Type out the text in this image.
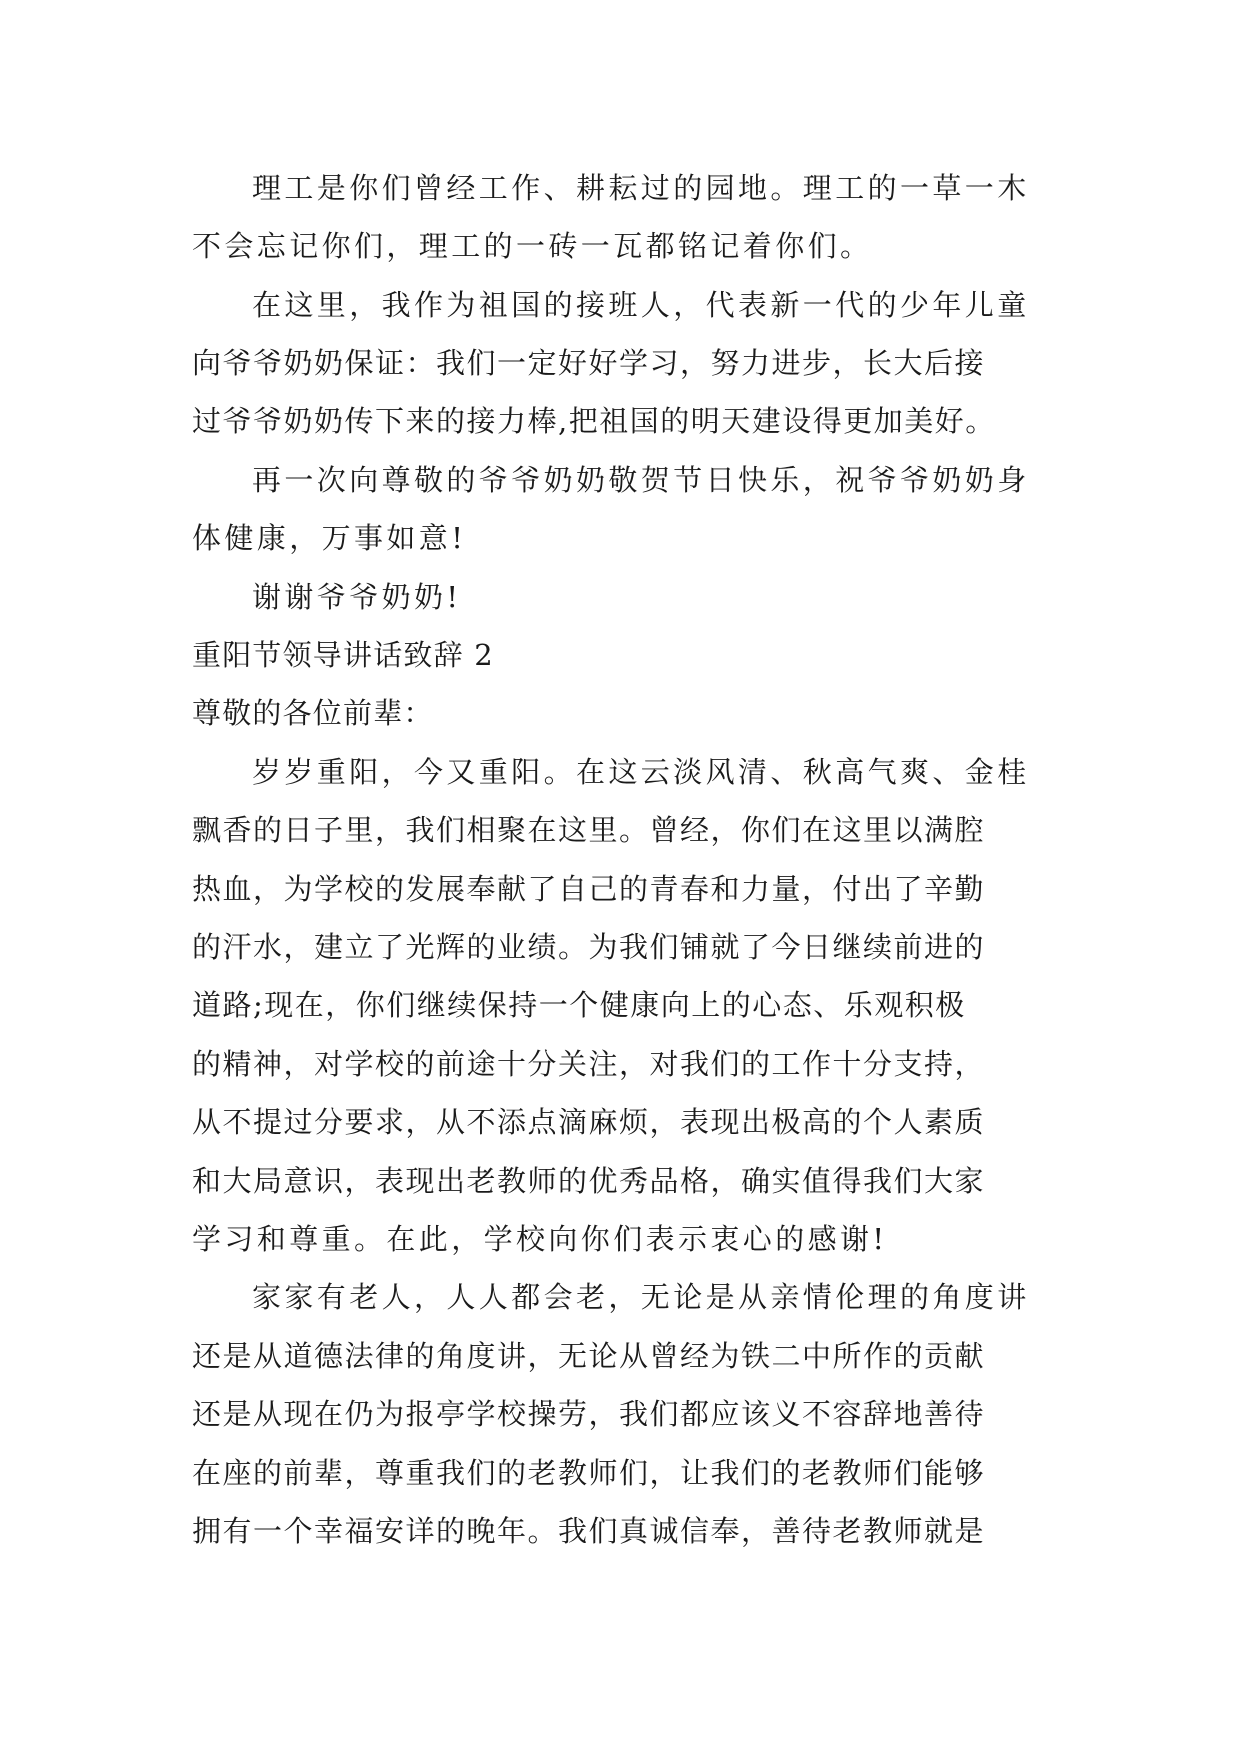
理工是你们曾经工作、耕耘过的园地。理工的一草一木
不会忘记你们，理工的一砖一瓦都铭记着你们。
在这里，我作为祖国的接班人，代表新一代的少年儿童
向爷爷奶奶保证：我们一定好好学习，努力进步，长大后接
过爷爷奶奶传下来的接力棒,把祖国的明天建设得更加美好。
再一次向尊敬的爷爷奶奶敬贺节日快乐，祝爷爷奶奶身
体健康，万事如意!
谢谢爷爷奶奶!
重阳节领导讲话致辞 2
尊敬的各位前辈：
岁岁重阳，今又重阳。在这云淡风清、秋高气爽、金桂
飘香的日子里，我们相聚在这里。曾经，你们在这里以满腔
热血，为学校的发展奉献了自己的青春和力量，付出了辛勤
的汗水，建立了光辉的业绩。为我们铺就了今日继续前进的
道路;现在，你们继续保持一个健康向上的心态、乐观积极
的精神，对学校的前途十分关注，对我们的工作十分支持，
从不提过分要求，从不添点滴麻烦，表现出极高的个人素质
和大局意识，表现出老教师的优秀品格，确实值得我们大家
学习和尊重。在此，学校向你们表示衷心的感谢!
家家有老人，人人都会老，无论是从亲情伦理的角度讲
还是从道德法律的角度讲，无论从曾经为铁二中所作的贡献
还是从现在仍为报亭学校操劳，我们都应该义不容辞地善待
在座的前辈，尊重我们的老教师们，让我们的老教师们能够
拥有一个幸福安详的晚年。我们真诚信奉，善待老教师就是
